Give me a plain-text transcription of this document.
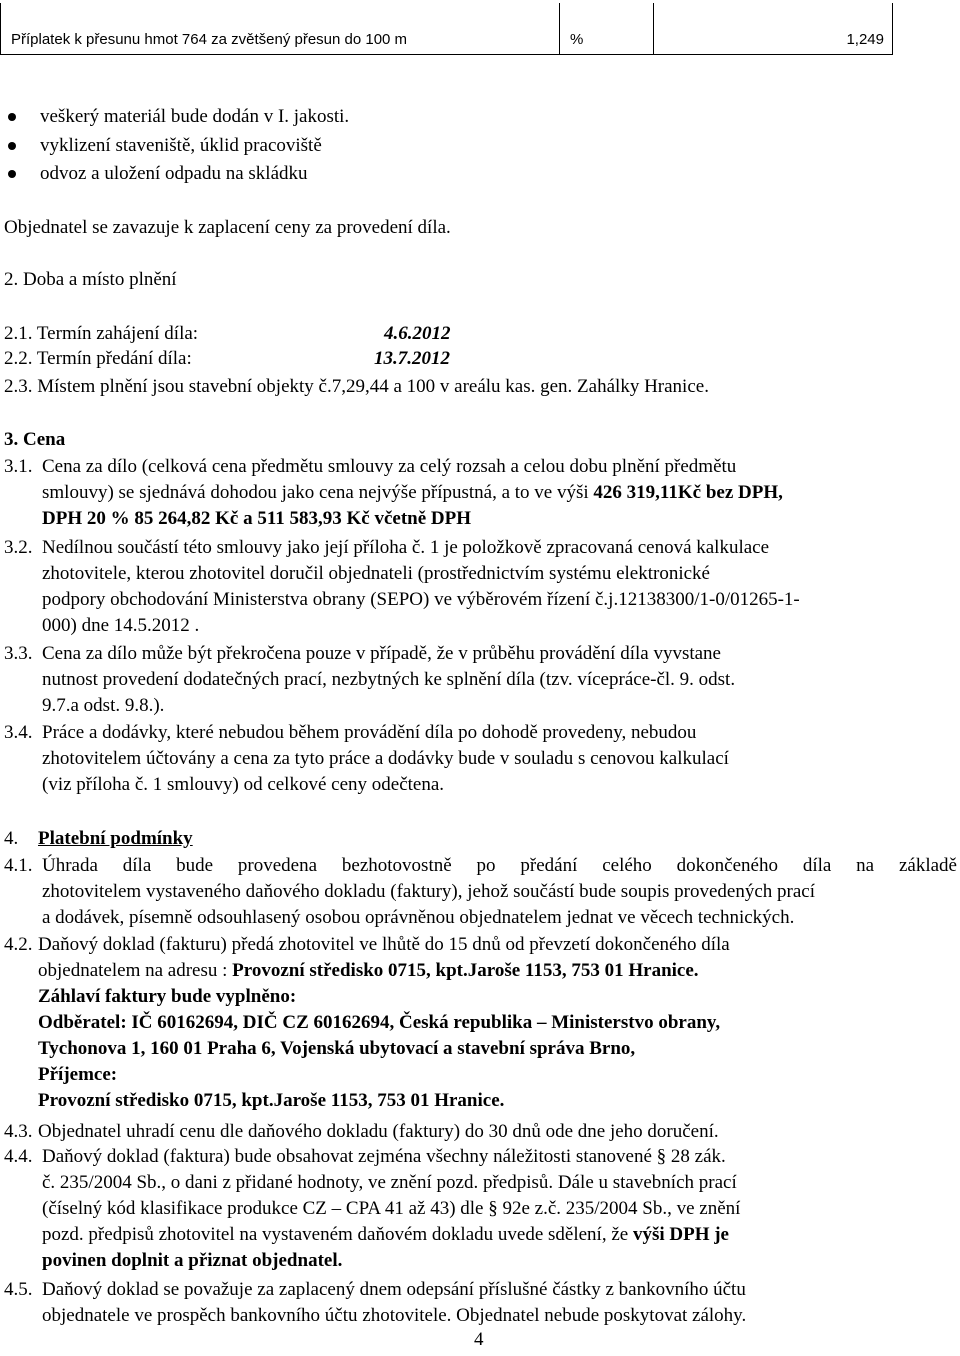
Příplatek k přesunu hmot 764 za zvětšený přesun do 100 m	%	1,249
veškerý materiál bude dodán v I. jakosti.
vyklizení staveniště, úklid pracoviště
odvoz a uložení odpadu na skládku
Objednatel se zavazuje k zaplacení ceny za provedení díla.
2. Doba a místo plnění
2.1. Termín zahájení díla:	4.6.2012
2.2. Termín předání díla:	13.7.2012
2.3. Místem plnění jsou stavební objekty č.7,29,44 a 100 v areálu kas. gen. Zahálky Hranice.
3. Cena
3.1. Cena za dílo (celková cena předmětu smlouvy za celý rozsah a celou dobu plnění předmětu
smlouvy) se sjednává dohodou jako cena nejvýše přípustná, a to ve výši 426 319,11Kč bez DPH,
DPH 20 % 85 264,82 Kč a 511 583,93 Kč včetně DPH
3.2. Nedílnou součástí této smlouvy jako její příloha č. 1 je položkově zpracovaná cenová kalkulace
zhotovitele, kterou zhotovitel doručil objednateli (prostřednictvím systému elektronické
podpory obchodování Ministerstva obrany (SEPO) ve výběrovém řízení č.j.12138300/1-0/01265-1-
000) dne 14.5.2012 .
3.3. Cena za dílo může být překročena pouze v případě, že v průběhu provádění díla vyvstane
nutnost provedení dodatečných prací, nezbytných ke splnění díla (tzv. vícepráce-čl. 9. odst.
9.7.a odst. 9.8.).
3.4. Práce a dodávky, které nebudou během provádění díla po dohodě provedeny, nebudou
zhotovitelem účtovány a cena za tyto práce a dodávky bude v souladu s cenovou kalkulací
(viz příloha č. 1 smlouvy) od celkové ceny odečtena.
4. Platební podmínky
4.1. Úhrada díla bude provedena bezhotovostně po předání celého dokončeného díla na základě
zhotovitelem vystaveného daňového dokladu (faktury), jehož součástí bude soupis provedených prací
a dodávek, písemně odsouhlasený osobou oprávněnou objednatelem jednat ve věcech technických.
4.2. Daňový doklad (fakturu) předá zhotovitel ve lhůtě do 15 dnů od převzetí dokončeného díla
objednatelem na adresu : Provozní středisko 0715, kpt.Jaroše 1153, 753 01 Hranice.
Záhlaví faktury bude vyplněno:
Odběratel: IČ 60162694, DIČ CZ 60162694, Česká republika – Ministerstvo obrany,
Tychonova 1, 160 01 Praha 6, Vojenská ubytovací a stavební správa Brno,
Příjemce:
Provozní středisko 0715, kpt.Jaroše 1153, 753 01 Hranice.
4.3. Objednatel uhradí cenu dle daňového dokladu (faktury) do 30 dnů ode dne jeho doručení.
4.4. Daňový doklad (faktura) bude obsahovat zejména všechny náležitosti stanovené § 28 zák.
č. 235/2004 Sb., o dani z přidané hodnoty, ve znění pozd. předpisů. Dále u stavebních prací
(číselný kód klasifikace produkce CZ – CPA 41 až 43) dle § 92e z.č. 235/2004 Sb., ve znění
pozd. předpisů zhotovitel na vystaveném daňovém dokladu uvede sdělení, že výši DPH je
povinen doplnit a přiznat objednatel.
4.5. Daňový doklad se považuje za zaplacený dnem odepsání příslušné částky z bankovního účtu
objednatele ve prospěch bankovního účtu zhotovitele. Objednatel nebude poskytovat zálohy.
4
